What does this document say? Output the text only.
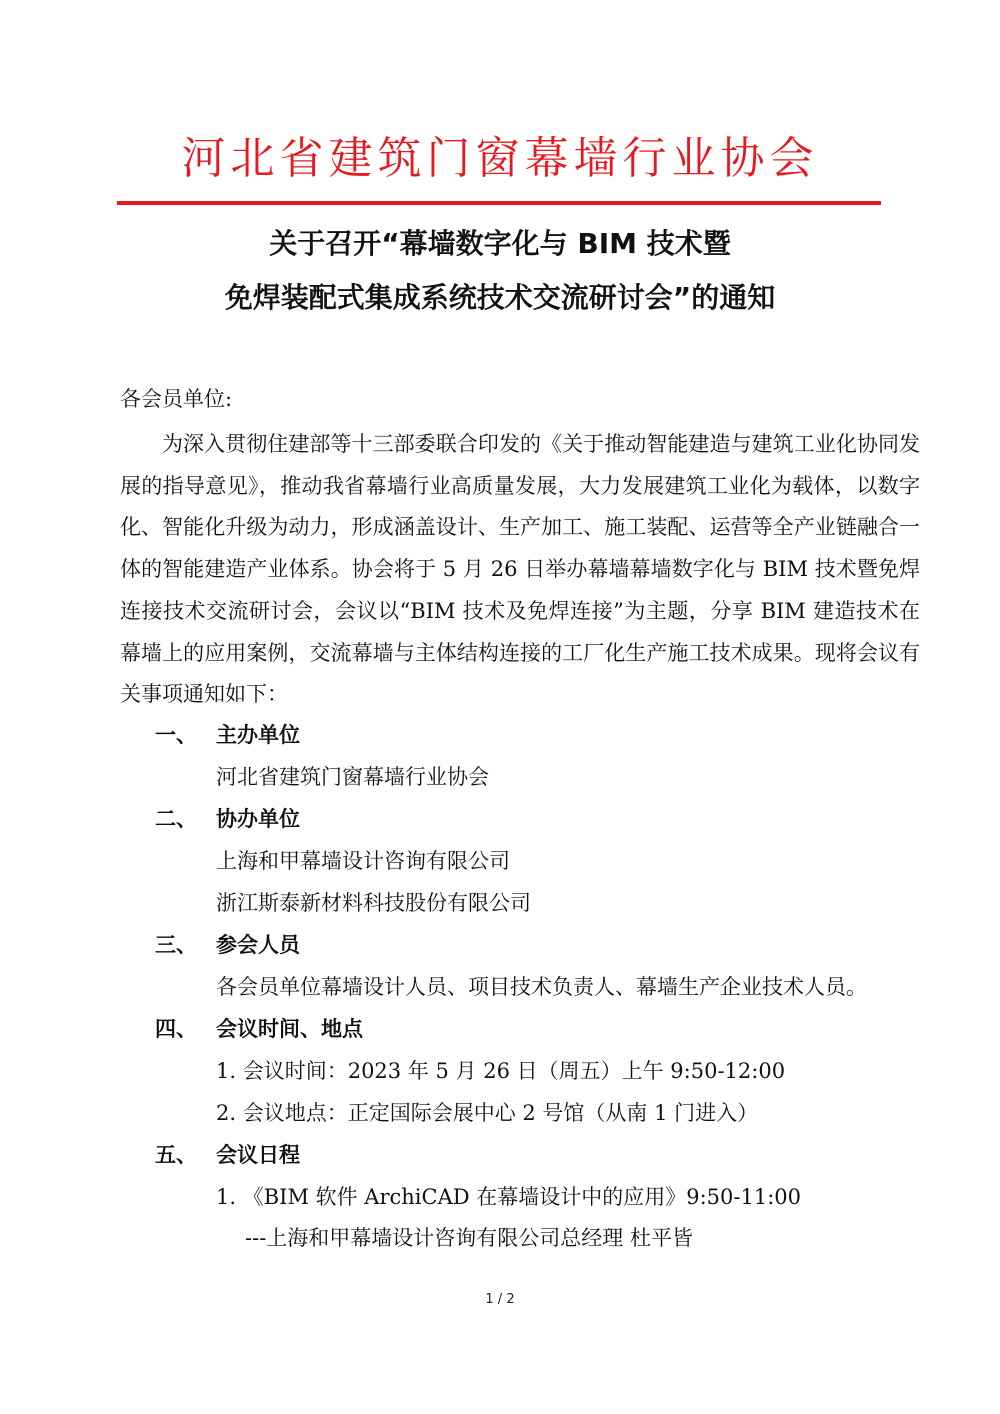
河北省建筑门窗幕墙行业协会
关于召开“幕墙数字化与 BIM 技术暨
免焊装配式集成系统技术交流研讨会”的通知
各会员单位:
为深入贯彻住建部等十三部委联合印发的《关于推动智能建造与建筑工业化协同发展的指导意见》，推动我省幕墙行业高质量发展，大力发展建筑工业化为载体，以数字化、智能化升级为动力，形成涵盖设计、生产加工、施工装配、运营等全产业链融合一体的智能建造产业体系。协会将于 5 月 26 日举办幕墙幕墙数字化与 BIM 技术暨免焊连接技术交流研讨会，会议以“BIM 技术及免焊连接”为主题，分享 BIM 建造技术在幕墙上的应用案例，交流幕墙与主体结构连接的工厂化生产施工技术成果。现将会议有关事项通知如下：
一、 主办单位
河北省建筑门窗幕墙行业协会
二、 协办单位
上海和甲幕墙设计咨询有限公司
浙江斯泰新材料科技股份有限公司
三、 参会人员
各会员单位幕墙设计人员、项目技术负责人、幕墙生产企业技术人员。
四、 会议时间、地点
1. 会议时间：2023 年 5 月 26 日（周五）上午 9:50-12:00
2. 会议地点：正定国际会展中心 2 号馆（从南 1 门进入）
五、 会议日程
1. 《BIM 软件 ArchiCAD 在幕墙设计中的应用》9:50-11:00
---上海和甲幕墙设计咨询有限公司总经理 杜平皆
1 / 2
